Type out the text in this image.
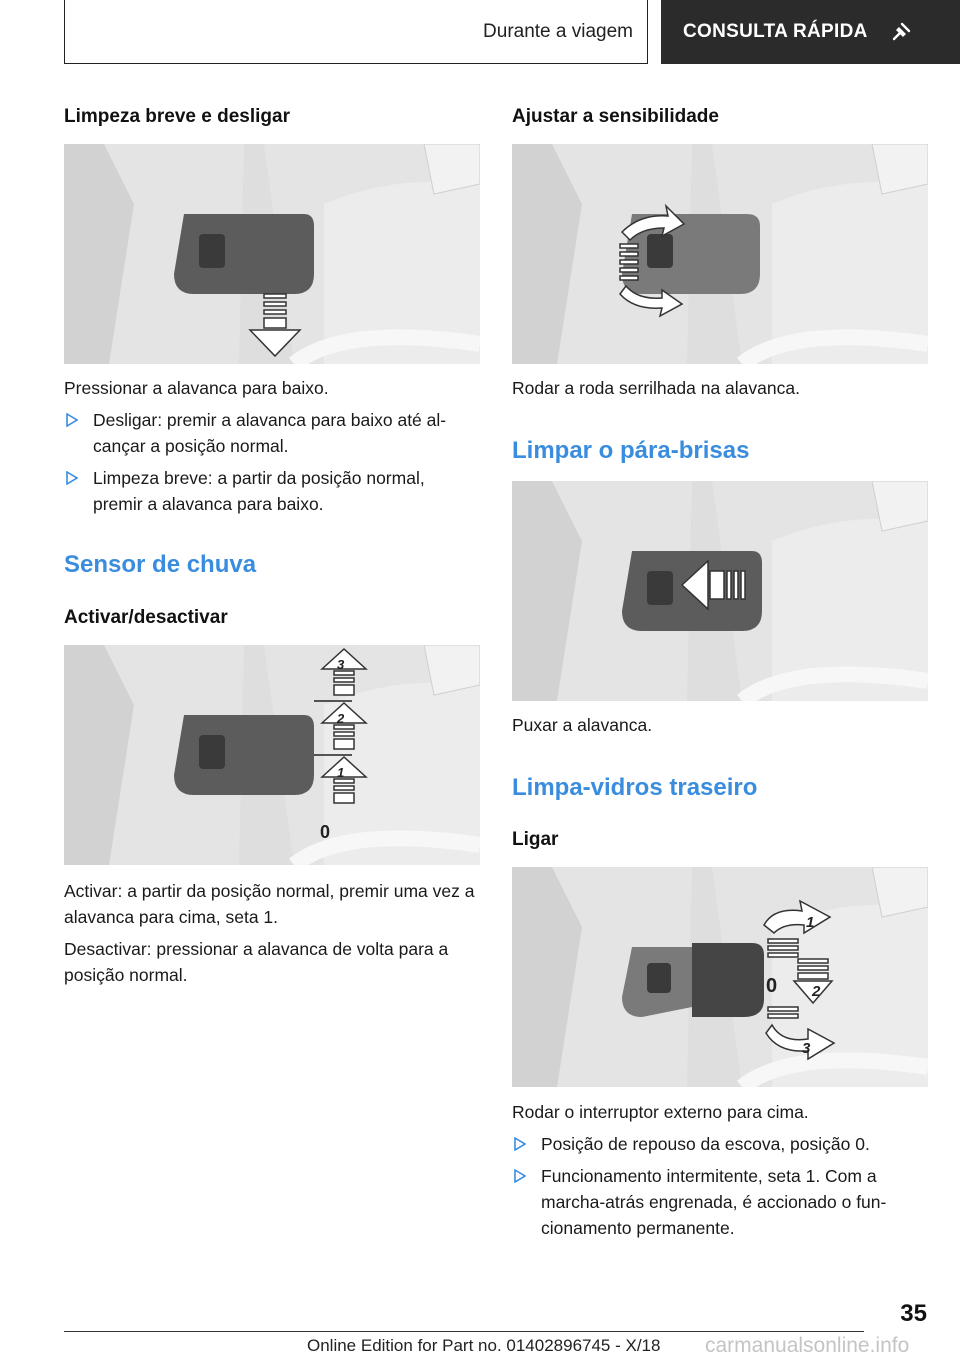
Durante a viagem	CONSULTA RÁPIDA
Limpeza breve e desligar
Pressionar a alavanca para baixo.
Desligar: premir a alavanca para baixo até al-cançar a posição normal.
Limpeza breve: a partir da posição normal, premir a alavanca para baixo.
Sensor de chuva
Activar/desactivar
3
2
1
0
Activar: a partir da posição normal, premir uma vez a alavanca para cima, seta 1.
Desactivar: pressionar a alavanca de volta para a posição normal.
Ajustar a sensibilidade
Rodar a roda serrilhada na alavanca.
Limpar o pára-brisas
Puxar a alavanca.
Limpa-vidros traseiro
Ligar
1
0 2
3
Rodar o interruptor externo para cima.
Posição de repouso da escova, posição 0.
Funcionamento intermitente, seta 1. Com a marcha-atrás engrenada, é accionado o fun-cionamento permanente.
35
Online Edition for Part no. 01402896745 - X/18 carmanualsonline.info
